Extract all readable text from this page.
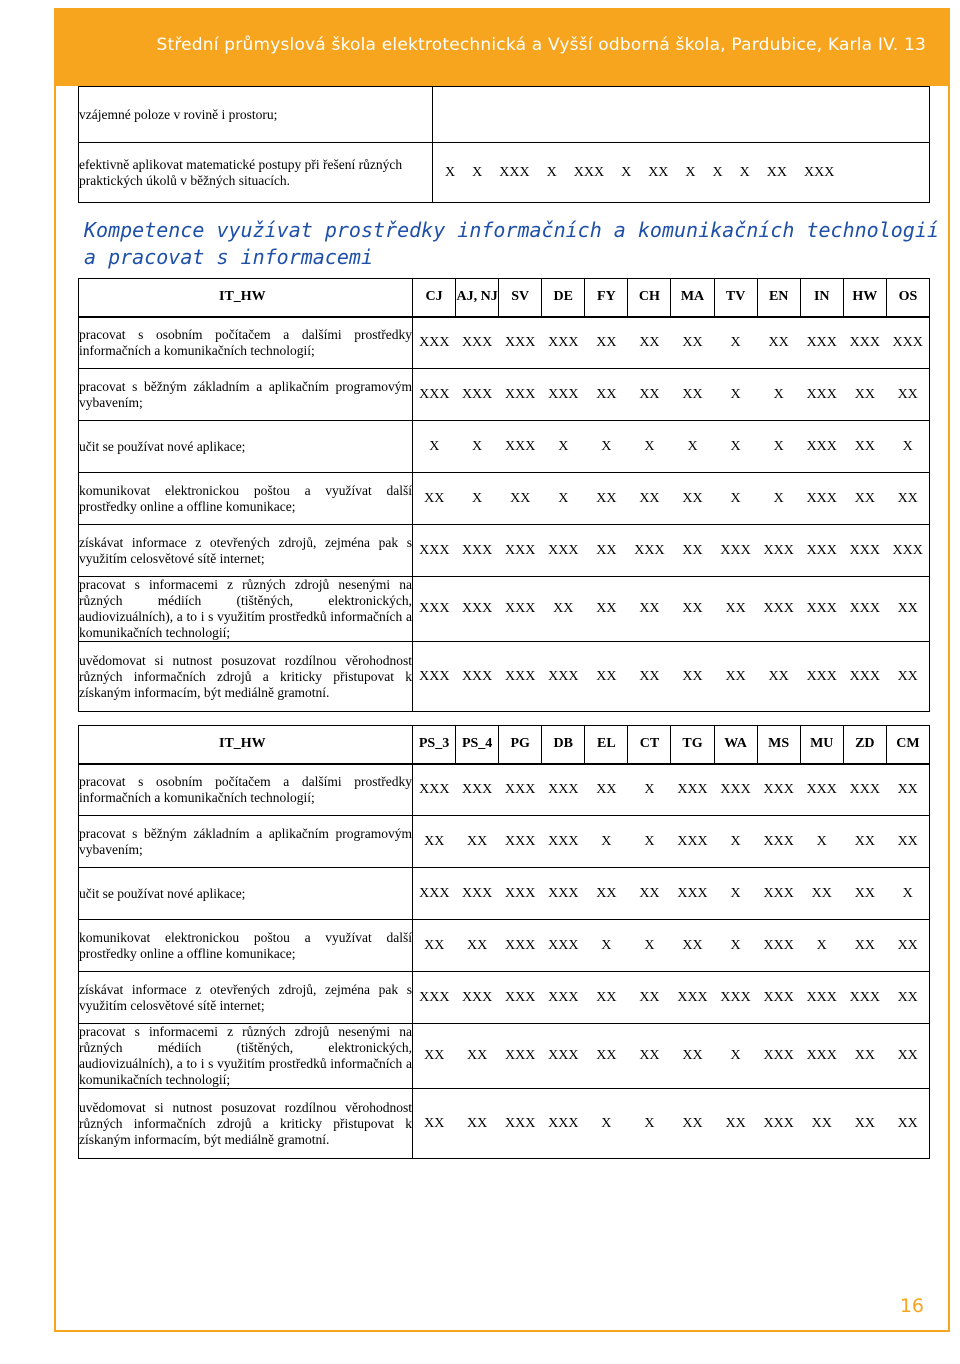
Střední průmyslová škola elektrotechnická a Vyšší odborná škola, Pardubice, Karla IV. 13
vzájemné poloze v rovině i prostoru;	
efektivně aplikovat matematické postupy při řešení různých praktických úkolů v běžných situacích.	X X XXX X XXX X XX X X X XX XXX
Kompetence využívat prostředky informačních a komunikačních technologií
a pracovat s informacemi
IT_HW	CJ	AJ, NJ	SV	DE	FY	CH	MA	TV	EN	IN	HW	OS
pracovat s osobním počítačem a dalšími prostředky informačních a komunikačních technologií;	XXX	XXX	XXX	XXX	XX	XX	XX	X	XX	XXX	XXX	XXX
pracovat s běžným základním a aplikačním programovým vybavením;	XXX	XXX	XXX	XXX	XX	XX	XX	X	X	XXX	XX	XX
učit se používat nové aplikace;	X	X	XXX	X	X	X	X	X	X	XXX	XX	X
komunikovat elektronickou poštou a využívat další prostředky online a offline komunikace;	XX	X	XX	X	XX	XX	XX	X	X	XXX	XX	XX
získávat informace z otevřených zdrojů, zejména pak s využitím celosvětové sítě internet;	XXX	XXX	XXX	XXX	XX	XXX	XX	XXX	XXX	XXX	XXX	XXX
pracovat s informacemi z různých zdrojů nesenými na různých médiích (tištěných, elektronických, audiovizuálních), a to i s využitím prostředků informačních a komunikačních technologií;	XXX	XXX	XXX	XX	XX	XX	XX	XX	XXX	XXX	XXX	XX
uvědomovat si nutnost posuzovat rozdílnou věrohodnost různých informačních zdrojů a kriticky přistupovat k získaným informacím, být mediálně gramotní.	XXX	XXX	XXX	XXX	XX	XX	XX	XX	XX	XXX	XXX	XX
IT_HW	PS_3	PS_4	PG	DB	EL	CT	TG	WA	MS	MU	ZD	CM
pracovat s osobním počítačem a dalšími prostředky informačních a komunikačních technologií;	XXX	XXX	XXX	XXX	XX	X	XXX	XXX	XXX	XXX	XXX	XX
pracovat s běžným základním a aplikačním programovým vybavením;	XX	XX	XXX	XXX	X	X	XXX	X	XXX	X	XX	XX
učit se používat nové aplikace;	XXX	XXX	XXX	XXX	XX	XX	XXX	X	XXX	XX	XX	X
komunikovat elektronickou poštou a využívat další prostředky online a offline komunikace;	XX	XX	XXX	XXX	X	X	XX	X	XXX	X	XX	XX
získávat informace z otevřených zdrojů, zejména pak s využitím celosvětové sítě internet;	XXX	XXX	XXX	XXX	XX	XX	XXX	XXX	XXX	XXX	XXX	XX
pracovat s informacemi z různých zdrojů nesenými na různých médiích (tištěných, elektronických, audiovizuálních), a to i s využitím prostředků informačních a komunikačních technologií;	XX	XX	XXX	XXX	XX	XX	XX	X	XXX	XXX	XX	XX
uvědomovat si nutnost posuzovat rozdílnou věrohodnost různých informačních zdrojů a kriticky přistupovat k získaným informacím, být mediálně gramotní.	XX	XX	XXX	XXX	X	X	XX	XX	XXX	XX	XX	XX
16
